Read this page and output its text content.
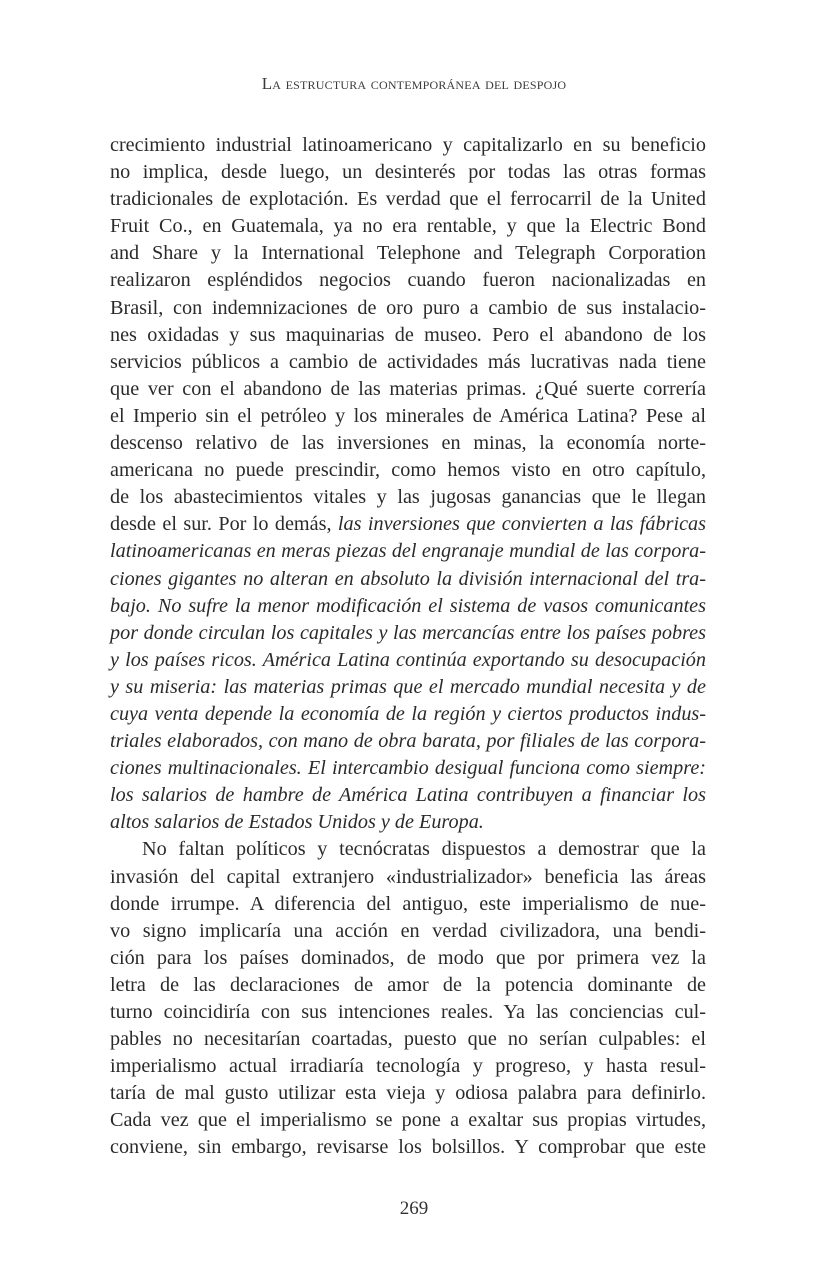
La estructura contemporánea del despojo
crecimiento industrial latinoamericano y capitalizarlo en su beneficio
no implica, desde luego, un desinterés por todas las otras formas
tradicionales de explotación. Es verdad que el ferrocarril de la United
Fruit Co., en Guatemala, ya no era rentable, y que la Electric Bond
and Share y la International Telephone and Telegraph Corporation
realizaron espléndidos negocios cuando fueron nacionalizadas en
Brasil, con indemnizaciones de oro puro a cambio de sus instalacio-
nes oxidadas y sus maquinarias de museo. Pero el abandono de los
servicios públicos a cambio de actividades más lucrativas nada tiene
que ver con el abandono de las materias primas. ¿Qué suerte correría
el Imperio sin el petróleo y los minerales de América Latina? Pese al
descenso relativo de las inversiones en minas, la economía norte-
americana no puede prescindir, como hemos visto en otro capítulo,
de los abastecimientos vitales y las jugosas ganancias que le llegan
desde el sur. Por lo demás, las inversiones que convierten a las fábricas
latinoamericanas en meras piezas del engranaje mundial de las corpora-
ciones gigantes no alteran en absoluto la división internacional del tra-
bajo. No sufre la menor modificación el sistema de vasos comunicantes
por donde circulan los capitales y las mercancías entre los países pobres
y los países ricos. América Latina continúa exportando su desocupación
y su miseria: las materias primas que el mercado mundial necesita y de
cuya venta depende la economía de la región y ciertos productos indus-
triales elaborados, con mano de obra barata, por filiales de las corpora-
ciones multinacionales. El intercambio desigual funciona como siempre:
los salarios de hambre de América Latina contribuyen a financiar los
altos salarios de Estados Unidos y de Europa.
No faltan políticos y tecnócratas dispuestos a demostrar que la
invasión del capital extranjero «industrializador» beneficia las áreas
donde irrumpe. A diferencia del antiguo, este imperialismo de nue-
vo signo implicaría una acción en verdad civilizadora, una bendi-
ción para los países dominados, de modo que por primera vez la
letra de las declaraciones de amor de la potencia dominante de
turno coincidiría con sus intenciones reales. Ya las conciencias cul-
pables no necesitarían coartadas, puesto que no serían culpables: el
imperialismo actual irradiaría tecnología y progreso, y hasta resul-
taría de mal gusto utilizar esta vieja y odiosa palabra para definirlo.
Cada vez que el imperialismo se pone a exaltar sus propias virtudes,
conviene, sin embargo, revisarse los bolsillos. Y comprobar que este
269
